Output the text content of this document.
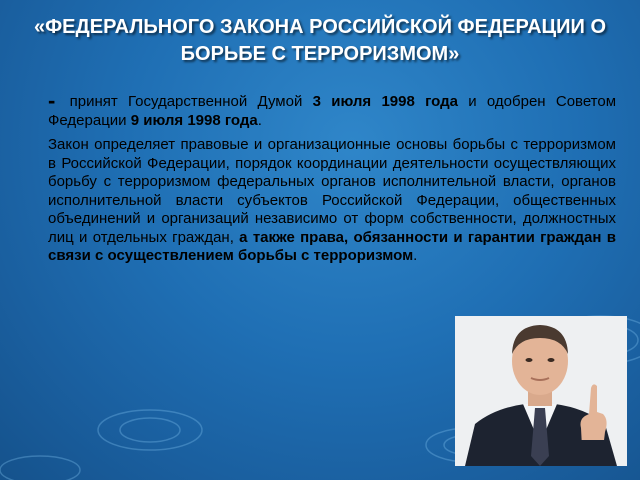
«ФЕДЕРАЛЬНОГО ЗАКОНА РОССИЙСКОЙ ФЕДЕРАЦИИ О БОРЬБЕ С ТЕРРОРИЗМОМ»

- принят Государственной Думой 3 июля 1998 года и одобрен Советом Федерации 9 июля 1998 года.

Закон определяет правовые и организационные основы борьбы с терроризмом в Российской Федерации, порядок координации деятельности осуществляющих борьбу с терроризмом федеральных органов исполнительной власти, органов исполнительной власти субъектов Российской Федерации, общественных объединений и организаций независимо от форм собственности, должностных лиц и отдельных граждан, а также права, обязанности и гарантии граждан в связи с осуществлением борьбы с терроризмом.
